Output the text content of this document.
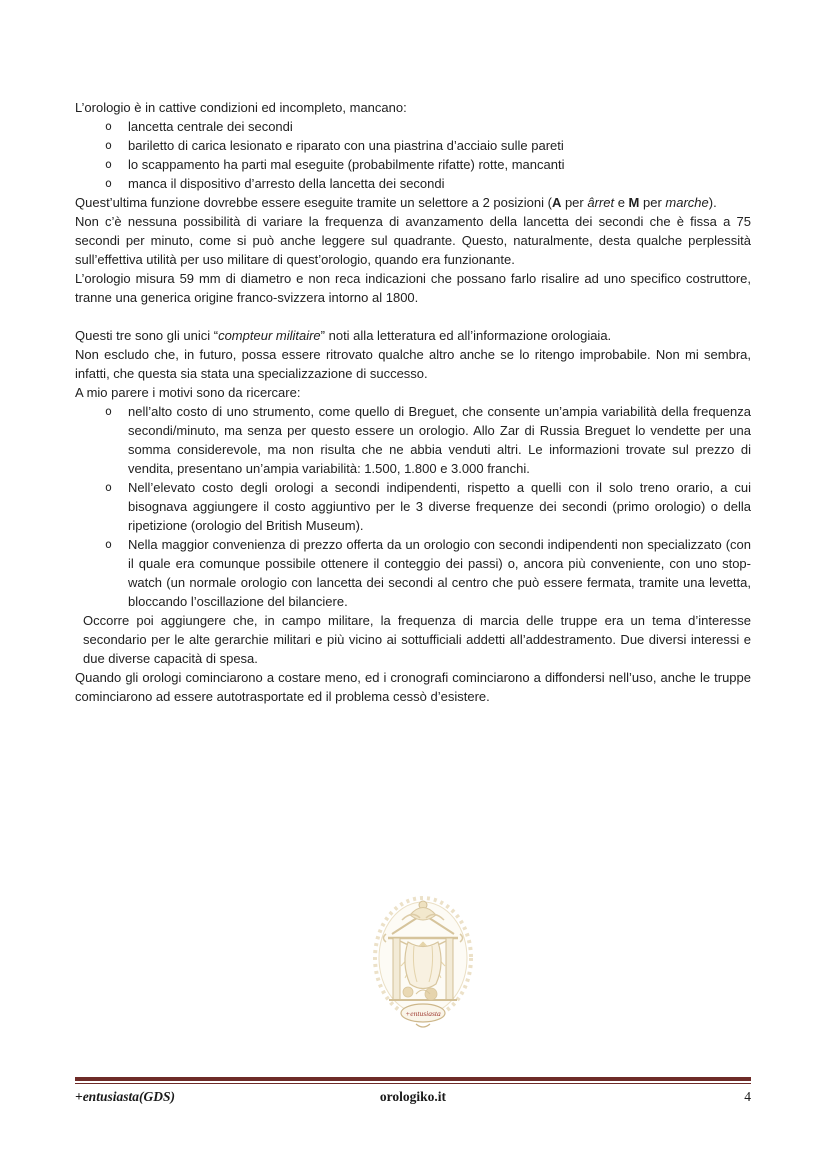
L’orologio è in cattive condizioni ed incompleto, mancano:

o lancetta centrale dei secondi
o bariletto di carica lesionato e riparato con una piastrina d’acciaio sulle pareti
o lo scappamento ha parti mal eseguite (probabilmente rifatte) rotte, mancanti
o manca il dispositivo d’arresto della lancetta dei secondi

Quest’ultima funzione dovrebbe essere eseguite tramite un selettore a 2 posizioni (A per ârret e M per marche).

Non c’è nessuna possibilità di variare la frequenza di avanzamento della lancetta dei secondi che è fissa a 75 secondi per minuto, come si può anche leggere sul quadrante. Questo, naturalmente, desta qualche perplessità sull’effettiva utilità per uso militare di quest’orologio, quando era funzionante.

L’orologio misura 59 mm di diametro e non reca indicazioni che possano farlo risalire ad uno specifico costruttore, tranne una generica origine franco-svizzera intorno al 1800.

Questi tre sono gli unici “compteur militaire” noti alla letteratura ed all’informazione orologiaia.

Non escludo che, in futuro, possa essere ritrovato qualche altro anche se lo ritengo improbabile. Non mi sembra, infatti, che questa sia stata una specializzazione di successo.

A mio parere i motivi sono da ricercare:

o nell’alto costo di uno strumento, come quello di Breguet, che consente un’ampia variabilità della frequenza secondi/minuto, ma senza per questo essere un orologio. Allo Zar di Russia Breguet lo vendette per una somma considerevole, ma non risulta che ne abbia venduti altri. Le informazioni trovate sul prezzo di vendita, presentano un’ampia variabilità: 1.500, 1.800 e 3.000 franchi.
o Nell’elevato costo degli orologi a secondi indipendenti, rispetto a quelli con il solo treno orario, a cui bisognava aggiungere il costo aggiuntivo per le 3 diverse frequenze dei secondi (primo orologio) o della ripetizione (orologio del British Museum).
o Nella maggior convenienza di prezzo offerta da un orologio con secondi indipendenti non specializzato (con il quale era comunque possibile ottenere il conteggio dei passi) o, ancora più conveniente, con uno stop-watch (un normale orologio con lancetta dei secondi al centro che può essere fermata, tramite una levetta, bloccando l’oscillazione del bilanciere.

Occorre poi aggiungere che, in campo militare, la frequenza di marcia delle truppe era un tema d’interesse secondario per le alte gerarchie militari e più vicino ai sottufficiali addetti all’addestramento. Due diversi interessi e due diverse capacità di spesa.

Quando gli orologi cominciarono a costare meno, ed i cronografi cominciarono a diffondersi nell’uso, anche le truppe cominciarono ad essere autotrasportate ed il problema cessò d’esistere.

+entusiasta
+entusiasta(GDS)	orologiko.it	4
